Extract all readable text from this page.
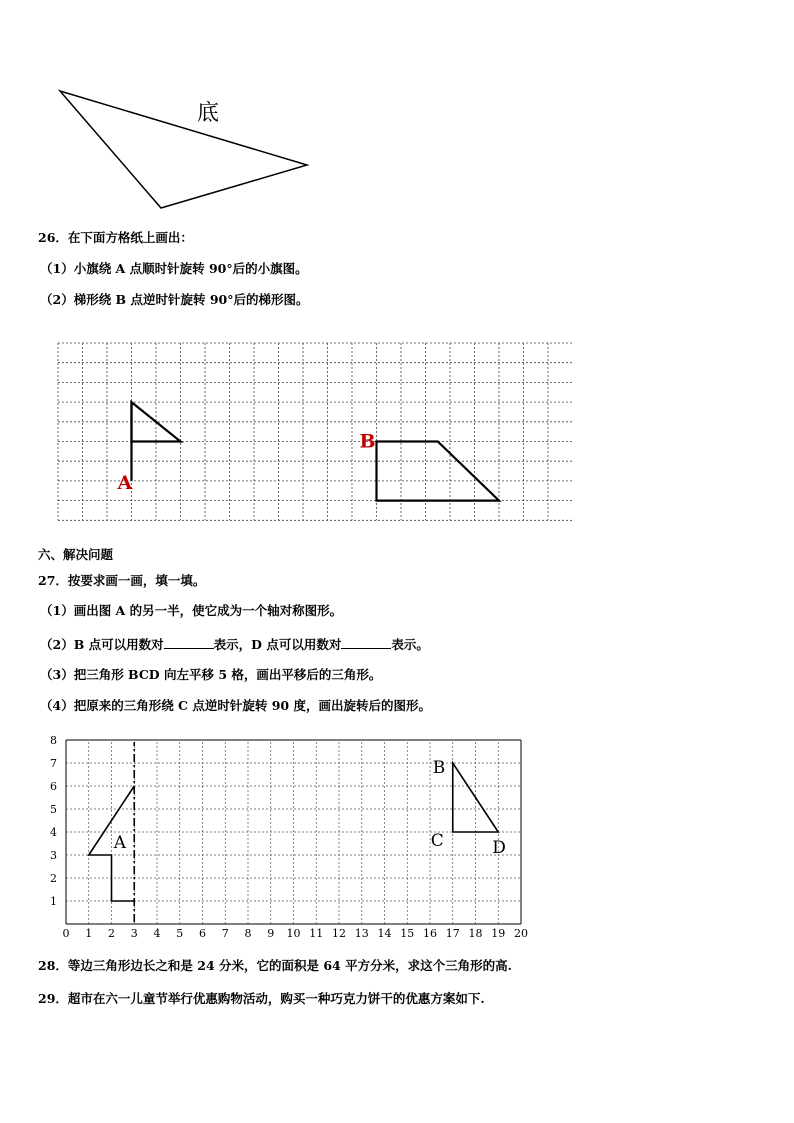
底
26．在下面方格纸上画出：
（1）小旗绕 A 点顺时针旋转 90°后的小旗图。
（2）梯形绕 B 点逆时针旋转 90°后的梯形图。
A
B
六、解决问题
27．按要求画一画，填一填。
（1）画出图 A 的另一半，使它成为一个轴对称图形。
（2）B 点可以用数对	表示，D 点可以用数对	表示。
（3）把三角形 BCD 向左平移 5 格，画出平移后的三角形。
（4）把原来的三角形绕 C 点逆时针旋转 90 度，画出旋转后的图形。
0 1 2 3 4 5 6 7 8 9 10 11 12 13 14 15 16 17 18 19 20
1
2
3
4
5
6
7
8
A
B
C	D
28．等边三角形边长之和是 24 分米，它的面积是 64 平方分米，求这个三角形的高.
29．超市在六一儿童节举行优惠购物活动，购买一种巧克力饼干的优惠方案如下.
